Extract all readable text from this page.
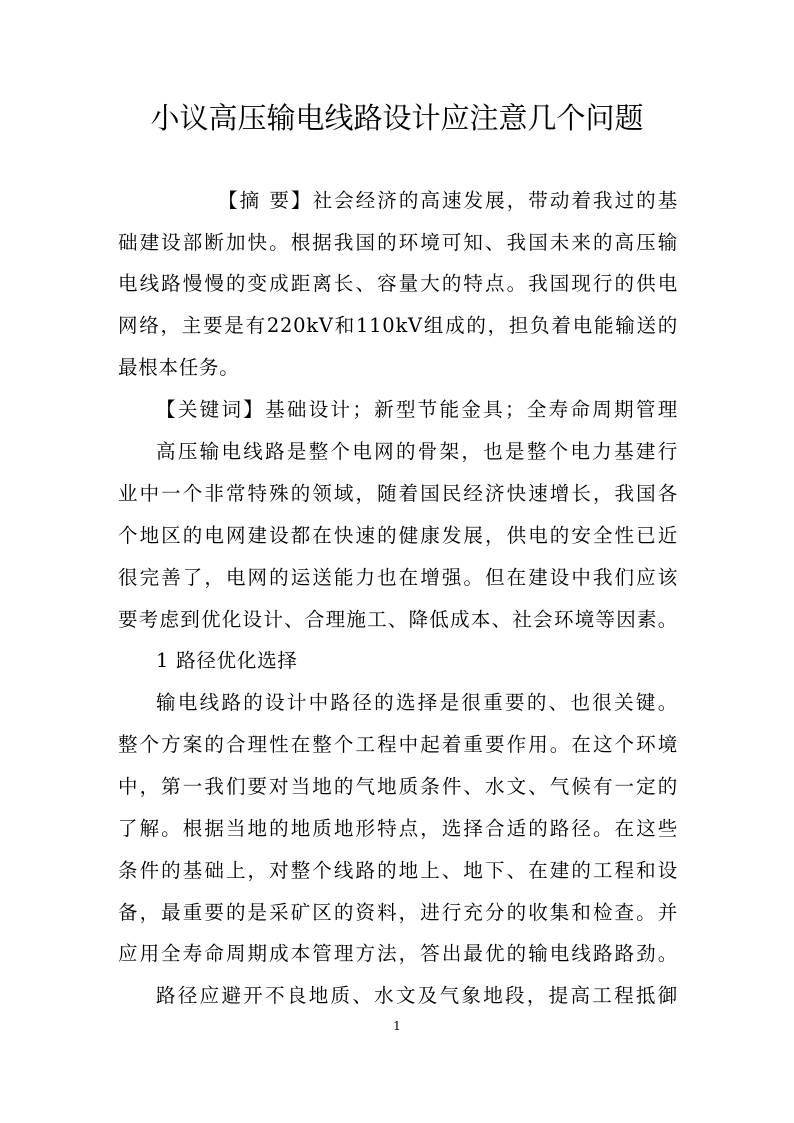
小议高压输电线路设计应注意几个问题
【摘 要】社会经济的高速发展，带动着我过的基
础建设部断加快。根据我国的环境可知、我国未来的高压输
电线路慢慢的变成距离长、容量大的特点。我国现行的供电
网络，主要是有220kV和110kV组成的，担负着电能输送的
最根本任务。
【关键词】基础设计；新型节能金具；全寿命周期管理
高压输电线路是整个电网的骨架，也是整个电力基建行
业中一个非常特殊的领域，随着国民经济快速增长，我国各
个地区的电网建设都在快速的健康发展，供电的安全性已近
很完善了，电网的运送能力也在增强。但在建设中我们应该
要考虑到优化设计、合理施工、降低成本、社会环境等因素。
1 路径优化选择
输电线路的设计中路径的选择是很重要的、也很关键。
整个方案的合理性在整个工程中起着重要作用。在这个环境
中，第一我们要对当地的气地质条件、水文、气候有一定的
了解。根据当地的地质地形特点，选择合适的路径。在这些
条件的基础上，对整个线路的地上、地下、在建的工程和设
备，最重要的是采矿区的资料，进行充分的收集和检查。并
应用全寿命周期成本管理方法，答出最优的输电线路路劲。
路径应避开不良地质、水文及气象地段，提高工程抵御
1
